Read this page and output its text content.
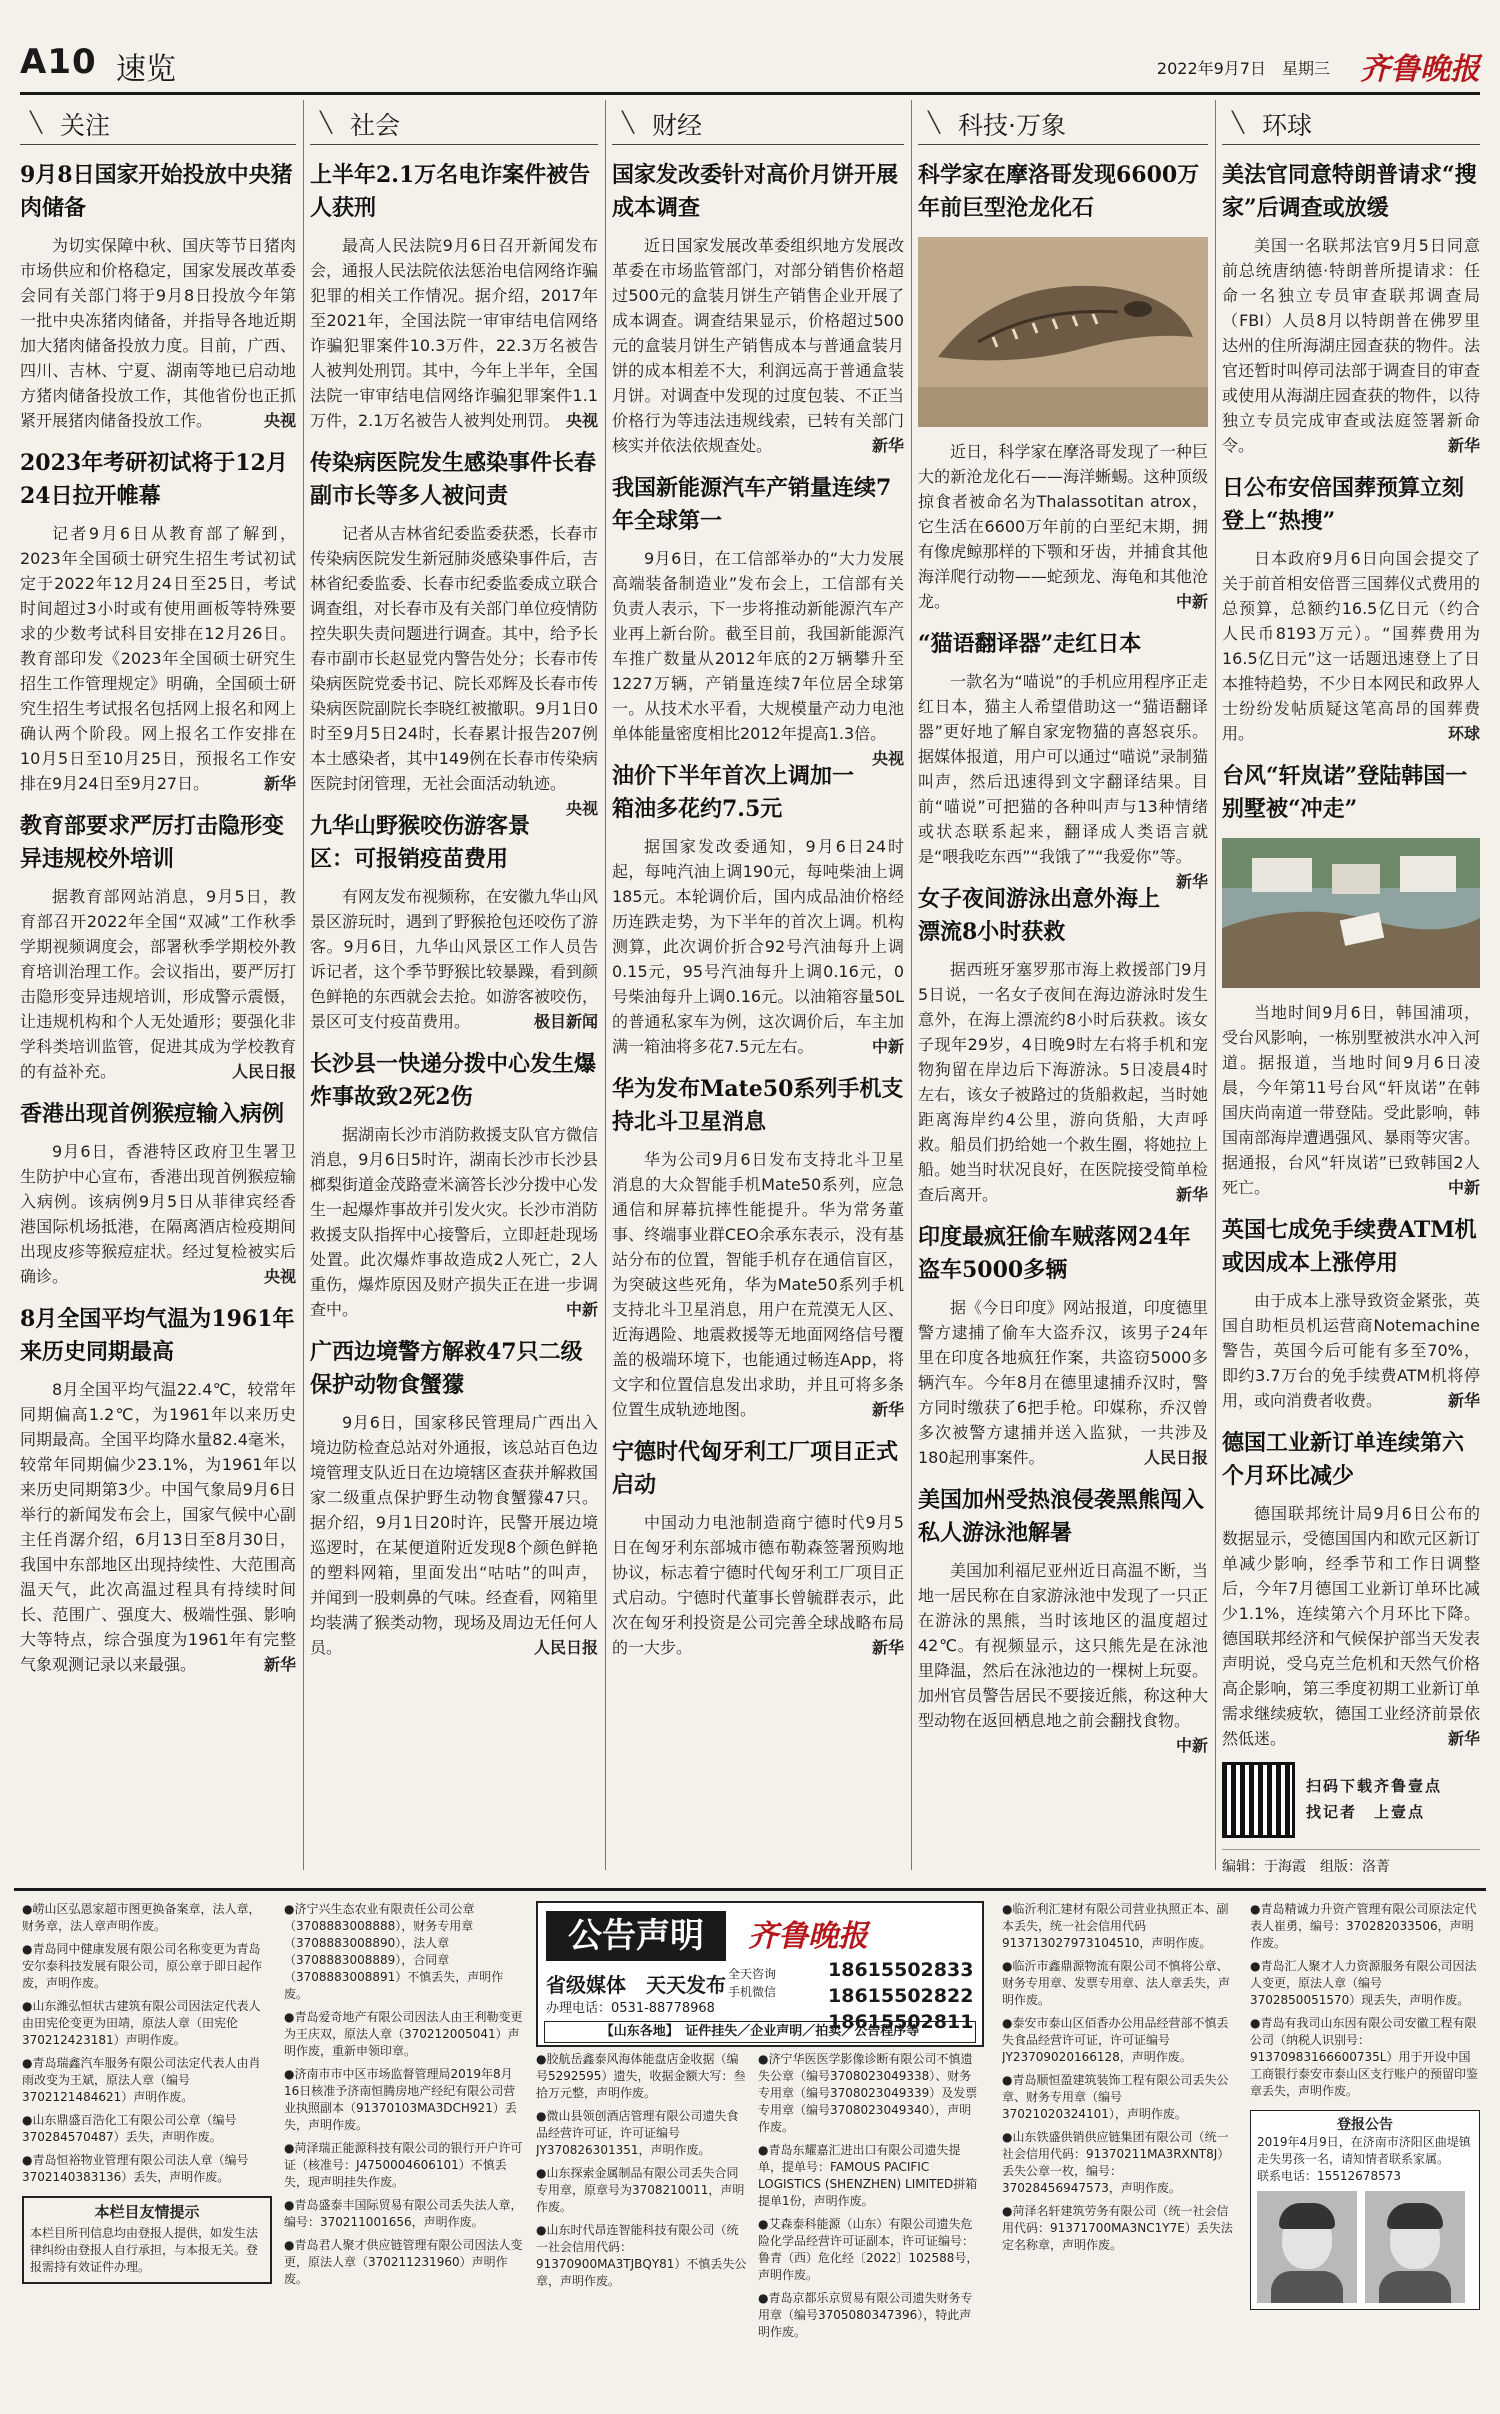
A10 速览	2022年9月7日　星期三 齐鲁晚报
╲ 关注
9月8日国家开始投放中央猪肉储备
为切实保障中秋、国庆等节日猪肉市场供应和价格稳定，国家发展改革委会同有关部门将于9月8日投放今年第一批中央冻猪肉储备，并指导各地近期加大猪肉储备投放力度。目前，广西、四川、吉林、宁夏、湖南等地已启动地方猪肉储备投放工作，其他省份也正抓紧开展猪肉储备投放工作。	央视
2023年考研初试将于12月24日拉开帷幕
记者9月6日从教育部了解到，2023年全国硕士研究生招生考试初试定于2022年12月24日至25日，考试时间超过3小时或有使用画板等特殊要求的少数考试科目安排在12月26日。教育部印发《2023年全国硕士研究生招生工作管理规定》明确，全国硕士研究生招生考试报名包括网上报名和网上确认两个阶段。网上报名工作安排在10月5日至10月25日，预报名工作安排在9月24日至9月27日。	新华
教育部要求严厉打击隐形变异违规校外培训
据教育部网站消息，9月5日，教育部召开2022年全国“双减”工作秋季学期视频调度会，部署秋季学期校外教育培训治理工作。会议指出，要严厉打击隐形变异违规培训，形成警示震慑，让违规机构和个人无处遁形；要强化非学科类培训监管，促进其成为学校教育的有益补充。	人民日报
香港出现首例猴痘输入病例
9月6日，香港特区政府卫生署卫生防护中心宣布，香港出现首例猴痘输入病例。该病例9月5日从菲律宾经香港国际机场抵港，在隔离酒店检疫期间出现皮疹等猴痘症状。经过复检被实后确诊。	央视
8月全国平均气温为1961年来历史同期最高
8月全国平均气温22.4℃，较常年同期偏高1.2℃，为1961年以来历史同期最高。全国平均降水量82.4毫米，较常年同期偏少23.1%，为1961年以来历史同期第3少。中国气象局9月6日举行的新闻发布会上，国家气候中心副主任肖潺介绍，6月13日至8月30日，我国中东部地区出现持续性、大范围高温天气，此次高温过程具有持续时间长、范围广、强度大、极端性强、影响大等特点，综合强度为1961年有完整气象观测记录以来最强。	新华
╲ 社会
上半年2.1万名电诈案件被告人获刑
最高人民法院9月6日召开新闻发布会，通报人民法院依法惩治电信网络诈骗犯罪的相关工作情况。据介绍，2017年至2021年，全国法院一审审结电信网络诈骗犯罪案件10.3万件，22.3万名被告人被判处刑罚。其中，今年上半年，全国法院一审审结电信网络诈骗犯罪案件1.1万件，2.1万名被告人被判处刑罚。 央视
传染病医院发生感染事件长春副市长等多人被问责
记者从吉林省纪委监委获悉，长春市传染病医院发生新冠肺炎感染事件后，吉林省纪委监委、长春市纪委监委成立联合调查组，对长春市及有关部门单位疫情防控失职失责问题进行调查。其中，给予长春市副市长赵显党内警告处分；长春市传染病医院党委书记、院长邓辉及长春市传染病医院副院长李晓红被撤职。9月1日0时至9月5日24时，长春累计报告207例本土感染者，其中149例在长春市传染病医院封闭管理，无社会面活动轨迹。
央视
九华山野猴咬伤游客景区：可报销疫苗费用
有网友发布视频称，在安徽九华山风景区游玩时，遇到了野猴抢包还咬伤了游客。9月6日，九华山风景区工作人员告诉记者，这个季节野猴比较暴躁，看到颜色鲜艳的东西就会去抢。如游客被咬伤，景区可支付疫苗费用。	极目新闻
长沙县一快递分拨中心发生爆炸事故致2死2伤
据湖南长沙市消防救援支队官方微信消息，9月6日5时许，湖南长沙市长沙县榔梨街道金茂路壹米滴答长沙分拨中心发生一起爆炸事故并引发火灾。长沙市消防救援支队指挥中心接警后，立即赶赴现场处置。此次爆炸事故造成2人死亡，2人重伤，爆炸原因及财产损失正在进一步调查中。	中新
广西边境警方解救47只二级保护动物食蟹獴
9月6日，国家移民管理局广西出入境边防检查总站对外通报，该总站百色边境管理支队近日在边境辖区查获并解救国家二级重点保护野生动物食蟹獴47只。据介绍，9月1日20时许，民警开展边境巡逻时，在某便道附近发现8个颜色鲜艳的塑料网箱，里面发出“咕咕”的叫声，并闻到一股刺鼻的气味。经查看，网箱里均装满了猴类动物，现场及周边无任何人员。	人民日报
╲ 财经
国家发改委针对高价月饼开展成本调查
近日国家发展改革委组织地方发展改革委在市场监管部门，对部分销售价格超过500元的盒装月饼生产销售企业开展了成本调查。调查结果显示，价格超过500元的盒装月饼生产销售成本与普通盒装月饼的成本相差不大，利润远高于普通盒装月饼。对调查中发现的过度包装、不正当价格行为等违法违规线索，已转有关部门核实并依法依规查处。	新华
我国新能源汽车产销量连续7年全球第一
9月6日，在工信部举办的“大力发展高端装备制造业”发布会上，工信部有关负责人表示，下一步将推动新能源汽车产业再上新台阶。截至目前，我国新能源汽车推广数量从2012年底的2万辆攀升至1227万辆，产销量连续7年位居全球第一。从技术水平看，大规模量产动力电池单体能量密度相比2012年提高1.3倍。
央视
油价下半年首次上调加一箱油多花约7.5元
据国家发改委通知，9月6日24时起，每吨汽油上调190元，每吨柴油上调185元。本轮调价后，国内成品油价格经历连跌走势，为下半年的首次上调。机构测算，此次调价折合92号汽油每升上调0.15元，95号汽油每升上调0.16元，0号柴油每升上调0.16元。以油箱容量50L的普通私家车为例，这次调价后，车主加满一箱油将多花7.5元左右。	中新
华为发布Mate50系列手机支持北斗卫星消息
华为公司9月6日发布支持北斗卫星消息的大众智能手机Mate50系列，应急通信和屏幕抗摔性能提升。华为常务董事、终端事业群CEO余承东表示，没有基站分布的位置，智能手机存在通信盲区，为突破这些死角，华为Mate50系列手机支持北斗卫星消息，用户在荒漠无人区、近海遇险、地震救援等无地面网络信号覆盖的极端环境下，也能通过畅连App，将文字和位置信息发出求助，并且可将多条位置生成轨迹地图。	新华
宁德时代匈牙利工厂项目正式启动
中国动力电池制造商宁德时代9月5日在匈牙利东部城市德布勒森签署预购地协议，标志着宁德时代匈牙利工厂项目正式启动。宁德时代董事长曾毓群表示，此次在匈牙利投资是公司完善全球战略布局的一大步。	新华
╲ 科技·万象
科学家在摩洛哥发现6600万年前巨型沧龙化石
近日，科学家在摩洛哥发现了一种巨大的新沧龙化石——海洋蜥蜴。这种顶级掠食者被命名为Thalassotitan atrox，它生活在6600万年前的白垩纪末期，拥有像虎鲸那样的下颚和牙齿，并捕食其他海洋爬行动物——蛇颈龙、海龟和其他沧龙。	中新
“猫语翻译器”走红日本
一款名为“喵说”的手机应用程序正走红日本，猫主人希望借助这一“猫语翻译器”更好地了解自家宠物猫的喜怒哀乐。据媒体报道，用户可以通过“喵说”录制猫叫声，然后迅速得到文字翻译结果。目前“喵说”可把猫的各种叫声与13种情绪或状态联系起来，翻译成人类语言就是“喂我吃东西”“我饿了”“我爱你”等。
新华
女子夜间游泳出意外海上漂流8小时获救
据西班牙塞罗那市海上救援部门9月5日说，一名女子夜间在海边游泳时发生意外，在海上漂流约8小时后获救。该女子现年29岁，4日晚9时左右将手机和宠物狗留在岸边后下海游泳。5日凌晨4时左右，该女子被路过的货船救起，当时她距离海岸约4公里，游向货船，大声呼救。船员们扔给她一个救生圈，将她拉上船。她当时状况良好，在医院接受简单检查后离开。	新华
印度最疯狂偷车贼落网24年盗车5000多辆
据《今日印度》网站报道，印度德里警方逮捕了偷车大盗乔汉，该男子24年里在印度各地疯狂作案，共盗窃5000多辆汽车。今年8月在德里逮捕乔汉时，警方同时缴获了6把手枪。印媒称，乔汉曾多次被警方逮捕并送入监狱，一共涉及180起刑事案件。	人民日报
美国加州受热浪侵袭黑熊闯入私人游泳池解暑
美国加利福尼亚州近日高温不断，当地一居民称在自家游泳池中发现了一只正在游泳的黑熊，当时该地区的温度超过42℃。有视频显示，这只熊先是在泳池里降温，然后在泳池边的一棵树上玩耍。加州官员警告居民不要接近熊，称这种大型动物在返回栖息地之前会翻找食物。
中新
╲ 环球
美法官同意特朗普请求“搜家”后调查或放缓
美国一名联邦法官9月5日同意前总统唐纳德·特朗普所提请求：任命一名独立专员审查联邦调查局（FBI）人员8月以特朗普在佛罗里达州的住所海湖庄园查获的物件。法官还暂时叫停司法部于调查目的审查或使用从海湖庄园查获的物件，以待独立专员完成审查或法庭签署新命令。	新华
日公布安倍国葬预算立刻登上“热搜”
日本政府9月6日向国会提交了关于前首相安倍晋三国葬仪式费用的总预算，总额约16.5亿日元（约合人民币8193万元）。“国葬费用为16.5亿日元”这一话题迅速登上了日本推特趋势，不少日本网民和政界人士纷纷发帖质疑这笔高昂的国葬费用。	环球
台风“轩岚诺”登陆韩国一别墅被“冲走”
当地时间9月6日，韩国浦项，受台风影响，一栋别墅被洪水冲入河道。据报道，当地时间9月6日凌晨，今年第11号台风“轩岚诺”在韩国庆尚南道一带登陆。受此影响，韩国南部海岸遭遇强风、暴雨等灾害。据通报，台风“轩岚诺”已致韩国2人死亡。	中新
英国七成免手续费ATM机或因成本上涨停用
由于成本上涨导致资金紧张，英国自助柜员机运营商Notemachine警告，英国今后可能有多至70%，即约3.7万台的免手续费ATM机将停用，或向消费者收费。	新华
德国工业新订单连续第六个月环比减少
德国联邦统计局9月6日公布的数据显示，受德国国内和欧元区新订单减少影响，经季节和工作日调整后，今年7月德国工业新订单环比减少1.1%，连续第六个月环比下降。德国联邦经济和气候保护部当天发表声明说，受乌克兰危机和天然气价格高企影响，第三季度初期工业新订单需求继续疲软，德国工业经济前景依然低迷。	新华
扫码下载齐鲁壹点
找记者　上壹点
编辑：于海霞　组版：洛菁
● 崂山区弘恩家超市图更换备案章，法人章，财务章，法人章声明作废。
● 青岛同中健康发展有限公司名称变更为青岛安尔泰科技发展有限公司，原公章于即日起作废，声明作废。
● 山东潍弘恒状古建筑有限公司因法定代表人由田宪伦变更为田靖，原法人章（田宪伦370212423181）声明作废。
● 青岛瑞鑫汽车服务有限公司法定代表人由肖雨改变为王斌，原法人章（编号3702121484621）声明作废。
● 山东鼎盛百浩化工有限公司公章（编号370284570487）丢失，声明作废。
● 青岛恒裕物业管理有限公司法人章（编号3702140383136）丢失，声明作废。
本栏目友情提示
本栏目所刊信息均由登报人提供，如发生法律纠纷由登报人自行承担，与本报无关。登报需持有效证件办理。
● 济宁兴生态农业有限责任公司公章（3708883008888），财务专用章（3708883008890），法人章（3708883008889），合同章（3708883008891）不慎丢失，声明作废。
● 青岛爱奇地产有限公司因法人由王利勒变更为王庆双，原法人章（370212005041）声明作废，重新申领印章。
● 济南市市中区市场监督管理局2019年8月16日核准予济南恒腾房地产经纪有限公司营业执照副本（91370103MA3DCH921）丢失，声明作废。
● 菏泽瑞正能源科技有限公司的银行开户许可证（核准号：J4750004606101）不慎丢失，现声明挂失作废。
● 青岛盛泰丰国际贸易有限公司丢失法人章，编号：370211001656，声明作废。
● 青岛君人聚才供应链管理有限公司因法人变更，原法人章（370211231960）声明作废。
公告声明	齐鲁晚报
省级媒体　天天发布
办理电话：0531-88778968
全天咨询
手机微信
18615502833
18615502822
18615502811
【山东各地】　证件挂失／企业声明／拍卖／公告程序等
● 胶航岳鑫泰风海体能盘店金收据（编号5292595）遗失，收据金额大写：叁拾万元整，声明作废。
● 微山县领创酒店管理有限公司遗失食品经营许可证，许可证编号JY370826301351，声明作废。
● 山东探索金属制品有限公司丢失合同专用章，原章号为3708210011，声明作废。
● 山东时代昂连智能科技有限公司（统一社会信用代码：91370900MA3TJBQY81）不慎丢失公章，声明作废。
● 济宁华医医学影像诊断有限公司不慎遗失公章（编号3708023049338）、财务专用章（编号3708023049339）及发票专用章（编号3708023049340），声明作废。
● 青岛东耀嘉汇进出口有限公司遗失提单，提单号：FAMOUS PACIFIC LOGISTICS (SHENZHEN) LIMITED拼箱提单1份，声明作废。
● 艾森泰科能源（山东）有限公司遗失危险化学品经营许可证副本，许可证编号：鲁青（西）危化经〔2022〕102588号，声明作废。
● 青岛京都乐京贸易有限公司遗失财务专用章（编号3705080347396），特此声明作废。
● 临沂利汇建材有限公司营业执照正本、副本丢失，统一社会信用代码913713027973104510，声明作废。
● 临沂市鑫鼎源物流有限公司不慎将公章、财务专用章、发票专用章、法人章丢失，声明作废。
● 泰安市泰山区佰香办公用品经营部不慎丢失食品经营许可证，许可证编号JY23709020166128，声明作废。
● 青岛顺恒盈建筑装饰工程有限公司丢失公章、财务专用章（编号37021020324101），声明作废。
● 山东铁盛供销供应链集团有限公司（统一社会信用代码：91370211MA3RXNT8J）丢失公章一枚，编号：37028456947573，声明作废。
● 菏泽名轩建筑劳务有限公司（统一社会信用代码：91371700MA3NC1Y7E）丢失法定名称章，声明作废。
● 青岛精诚力升资产管理有限公司原法定代表人崔勇，编号：370282033506，声明作废。
● 青岛汇人聚才人力资源服务有限公司因法人变更，原法人章（编号3702850051570）现丢失，声明作废。
● 青岛有我司山东因有限公司安徽工程有限公司（纳税人识别号：91370983166600735L）用于开设中国工商银行泰安市泰山区支行账户的预留印鉴章丢失，声明作废。
登报公告
2019年4月9日，在济南市济阳区曲堤镇走失男孩一名，请知情者联系家属。
联系电话：15512678573
